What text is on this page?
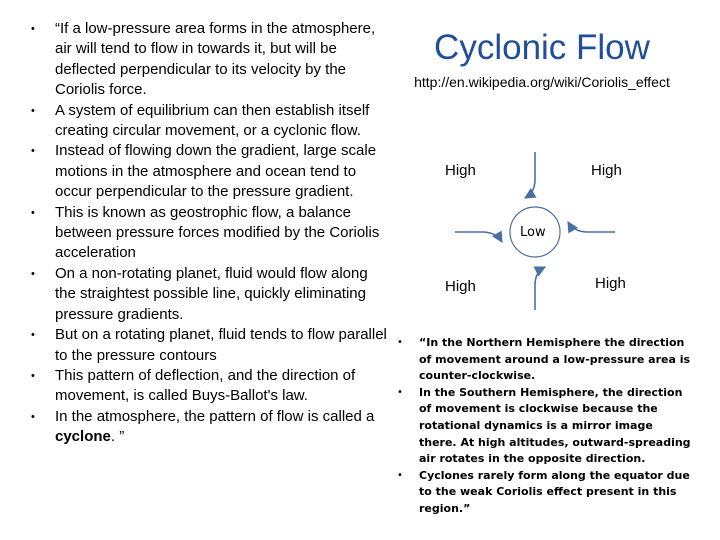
• “If a low-pressure area forms in the atmosphere, air will tend to flow in towards it, but will be deflected perpendicular to its velocity by the Coriolis force.
• A system of equilibrium can then establish itself creating circular movement, or a cyclonic flow.
• Instead of flowing down the gradient, large scale motions in the atmosphere and ocean tend to occur perpendicular to the pressure gradient.
• This is known as geostrophic flow, a balance between pressure forces modified by the Coriolis acceleration
• On a non-rotating planet, fluid would flow along the straightest possible line, quickly eliminating pressure gradients.
• But on a rotating planet, fluid tends to flow parallel to the pressure contours
• This pattern of deflection, and the direction of movement, is called Buys-Ballot's law.
• In the atmosphere, the pattern of flow is called a cyclone. ”
Cyclonic Flow
http://en.wikipedia.org/wiki/Coriolis_effect
High	High
High	High
Low
• “In the Northern Hemisphere the direction of movement around a low-pressure area is counter-clockwise.
• In the Southern Hemisphere, the direction of movement is clockwise because the rotational dynamics is a mirror image there. At high altitudes, outward-spreading air rotates in the opposite direction.
• Cyclones rarely form along the equator due to the weak Coriolis effect present in this region.”
